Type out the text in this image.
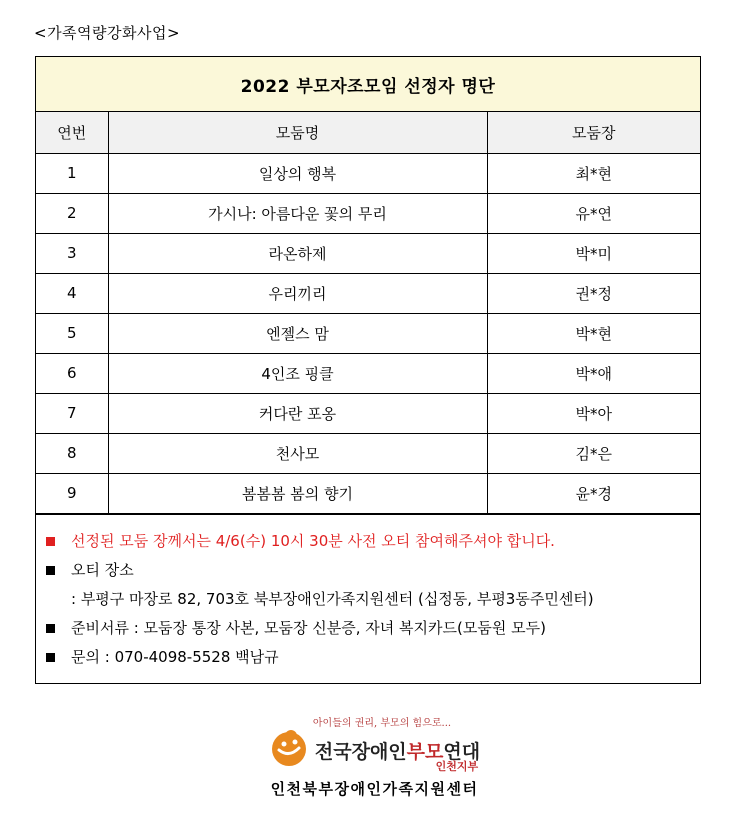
<가족역량강화사업>
2022 부모자조모임 선정자 명단
연번	모둠명	모둠장
1	일상의 행복	최*현
2	가시나: 아름다운 꽃의 무리	유*연
3	라온하제	박*미
4	우리끼리	권*정
5	엔젤스 맘	박*현
6	4인조 핑클	박*애
7	커다란 포옹	박*아
8	천사모	김*은
9	봄봄봄 봄의 향기	윤*경
선정된 모둠 장께서는 4/6(수) 10시 30분 사전 오티 참여해주셔야 합니다.
오티 장소
: 부평구 마장로 82, 703호 북부장애인가족지원센터 (십정동, 부평3동주민센터)
준비서류 : 모둠장 통장 사본, 모둠장 신분증, 자녀 복지카드(모둠원 모두)
문의 : 070-4098-5528 백남규
아이들의 권리, 부모의 힘으로...
전국장애인부모연대
인천지부
인천북부장애인가족지원센터
